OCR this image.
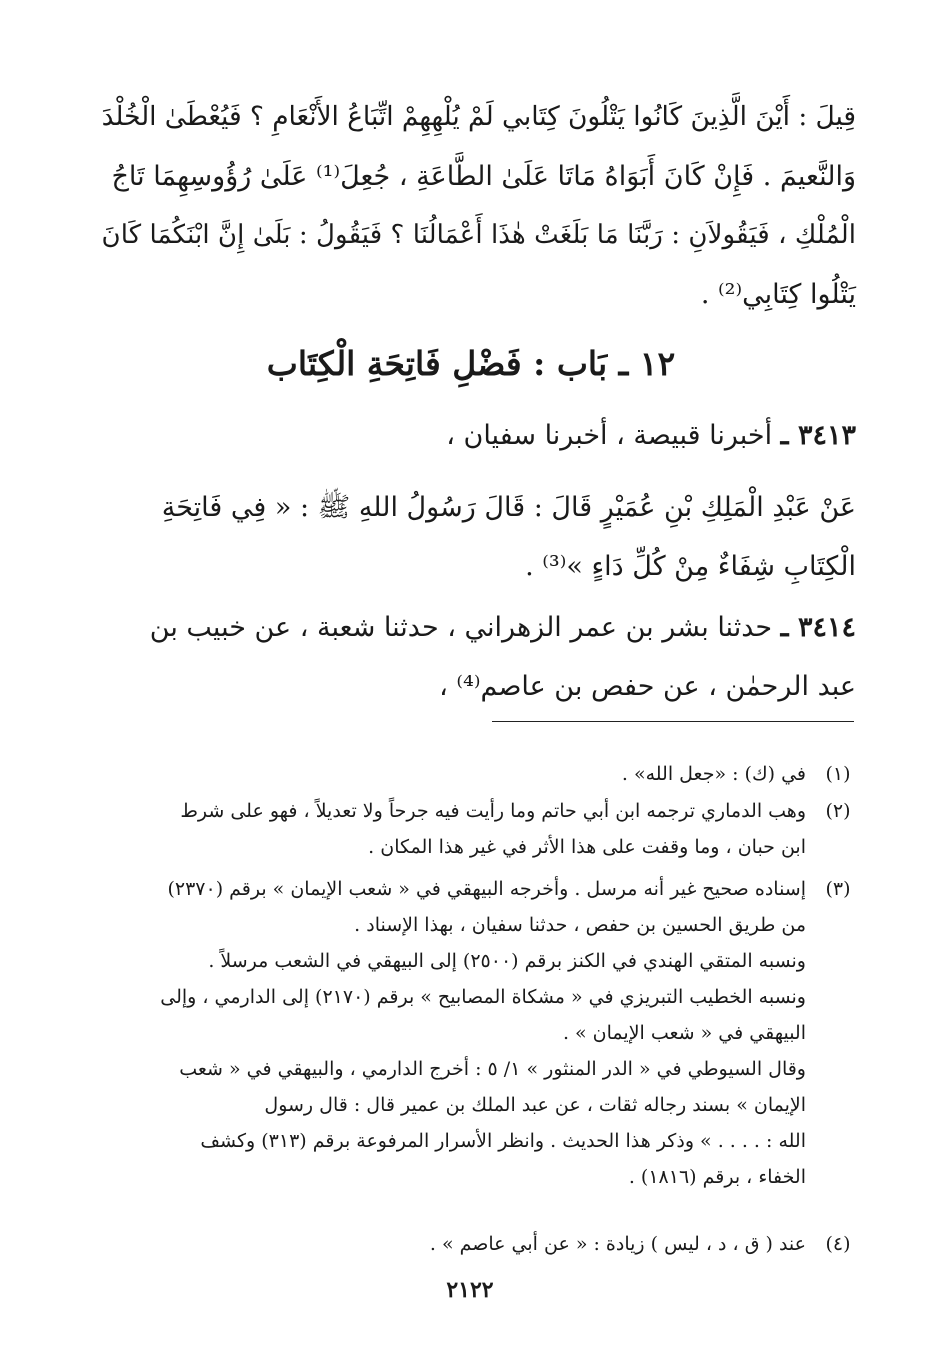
قِيلَ : أَيْنَ الَّذِينَ كَانُوا يَتْلُونَ كِتَابي لَمْ يُلْهِهِمْ اتِّبَاعُ الأَنْعَامِ ؟ فَيُعْطَىٰ الْخُلْدَ
وَالنَّعيمَ . فَإِنْ كَانَ أَبَوَاهُ مَاتَا عَلَىٰ الطَّاعَةِ ، جُعِلَ⁽¹⁾ عَلَىٰ رُؤُوسِهِمَا تَاجُ
الْمُلْكِ ، فَيَقُولاَنِ : رَبَّنَا مَا بَلَغَتْ هٰذَا أَعْمَالُنَا ؟ فَيَقُولُ : بَلَىٰ إِنَّ ابْنَكُمَا كَانَ
يَتْلُوا كِتَابِي⁽²⁾ .
١٢ ـ بَاب : فَضْلِ فَاتِحَةِ الْكِتَاب
٣٤١٣ ـ أخبرنا قبيصة ، أخبرنا سفيان ،
عَنْ عَبْدِ الْمَلِكِ بْنِ عُمَيْرٍ قَالَ : قَالَ رَسُولُ اللهِ ﷺ : « فِي فَاتِحَةِ
الْكِتَابِ شِفَاءٌ مِنْ كُلِّ دَاءٍ »⁽³⁾ .
٣٤١٤ ـ حدثنا بشر بن عمر الزهراني ، حدثنا شعبة ، عن خبيب بن
عبد الرحمٰن ، عن حفص بن عاصم⁽⁴⁾ ،
(١)
في (ك) : «جعل الله» .
(٢)
وهب الدماري ترجمه ابن أبي حاتم وما رأيت فيه جرحاً ولا تعديلاً ، فهو على شرط
ابن حبان ، وما وقفت على هذا الأثر في غير هذا المكان .
(٣)
إسناده صحيح غير أنه مرسل . وأخرجه البيهقي في « شعب الإيمان » برقم (٢٣٧٠)
من طريق الحسين بن حفص ، حدثنا سفيان ، بهذا الإسناد .
ونسبه المتقي الهندي في الكنز برقم (٢٥٠٠) إلى البيهقي في الشعب مرسلاً .
ونسبه الخطيب التبريزي في « مشكاة المصابيح » برقم (٢١٧٠) إلى الدارمي ، وإلى
البيهقي في « شعب الإيمان » .
وقال السيوطي في « الدر المنثور » ١/ ٥ : أخرج الدارمي ، والبيهقي في « شعب
الإيمان » بسند رجاله ثقات ، عن عبد الملك بن عمير قال : قال رسول
الله : . . . . » وذكر هذا الحديث . وانظر الأسرار المرفوعة برقم (٣١٣) وكشف
الخفاء ، برقم (١٨١٦) .
(٤)
عند ( ق ، د ، ليس ) زيادة : « عن أبي عاصم » .
٢١٢٢
